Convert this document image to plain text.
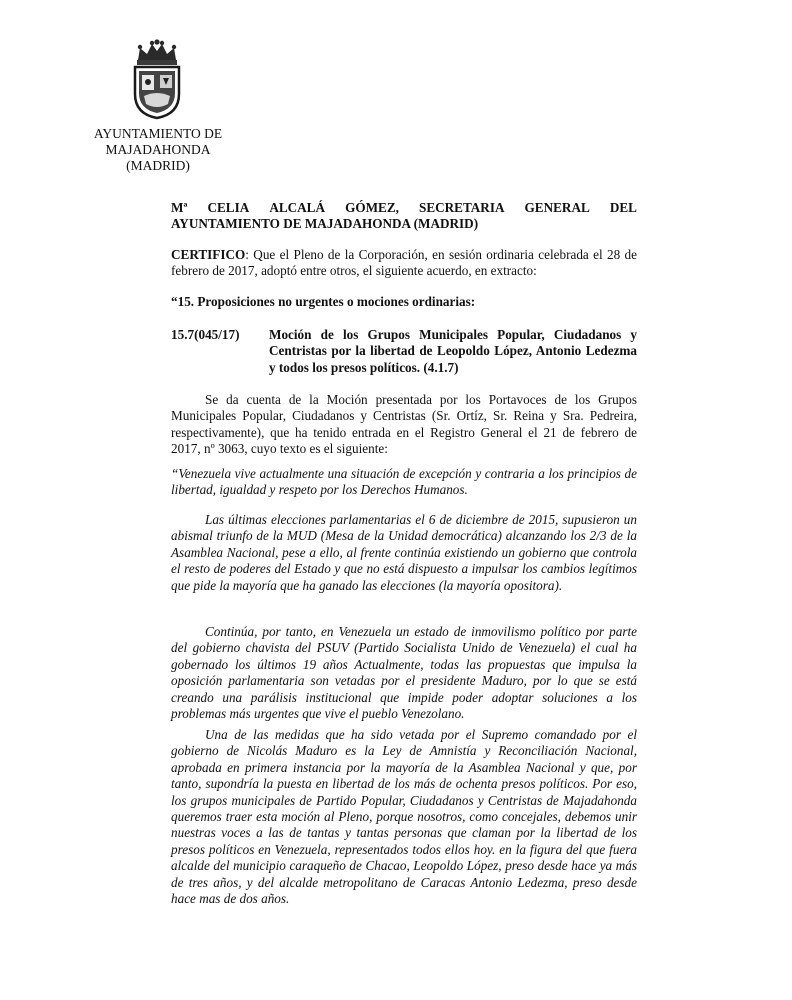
AYUNTAMIENTO DE
MAJADAHONDA
(MADRID)
Mª CELIA ALCALÁ GÓMEZ, SECRETARIA GENERAL DEL
AYUNTAMIENTO DE MAJADAHONDA (MADRID)
CERTIFICO: Que el Pleno de la Corporación, en sesión ordinaria celebrada el 28 de febrero de 2017, adoptó entre otros, el siguiente acuerdo, en extracto:
“15. Proposiciones no urgentes o mociones ordinarias:
15.7(045/17)	Moción de los Grupos Municipales Popular, Ciudadanos y Centristas por la libertad de Leopoldo López, Antonio Ledezma y todos los presos políticos. (4.1.7)
Se da cuenta de la Moción presentada por los Portavoces de los Grupos Municipales Popular, Ciudadanos y Centristas (Sr. Ortíz, Sr. Reina y Sra. Pedreira, respectivamente), que ha tenido entrada en el Registro General el 21 de febrero de 2017, nº 3063, cuyo texto es el siguiente:
“Venezuela vive actualmente una situación de excepción y contraria a los principios de libertad, igualdad y respeto por los Derechos Humanos.
Las últimas elecciones parlamentarias el 6 de diciembre de 2015, supusieron un abismal triunfo de la MUD (Mesa de la Unidad democrática) alcanzando los 2/3 de la Asamblea Nacional, pese a ello, al frente continúa existiendo un gobierno que controla el resto de poderes del Estado y que no está dispuesto a impulsar los cambios legítimos que pide la mayoría que ha ganado las elecciones (la mayoría opositora).
Continúa, por tanto, en Venezuela un estado de inmovilismo político por parte del gobierno chavista del PSUV (Partido Socialista Unido de Venezuela) el cual ha gobernado los últimos 19 años Actualmente, todas las propuestas que impulsa la oposición parlamentaria son vetadas por el presidente Maduro, por lo que se está creando una parálisis institucional que impide poder adoptar soluciones a los problemas más urgentes que vive el pueblo Venezolano.
Una de las medidas que ha sido vetada por el Supremo comandado por el gobierno de Nicolás Maduro es la Ley de Amnistía y Reconciliación Nacional, aprobada en primera instancia por la mayoría de la Asamblea Nacional y que, por tanto, supondría la puesta en libertad de los más de ochenta presos políticos. Por eso, los grupos municipales de Partido Popular, Ciudadanos y Centristas de Majadahonda queremos traer esta moción al Pleno, porque nosotros, como concejales, debemos unir nuestras voces a las de tantas y tantas personas que claman por la libertad de los presos políticos en Venezuela, representados todos ellos hoy. en la figura del que fuera alcalde del municipio caraqueño de Chacao, Leopoldo López, preso desde hace ya más de tres años, y del alcalde metropolitano de Caracas Antonio Ledezma, preso desde hace mas de dos años.
